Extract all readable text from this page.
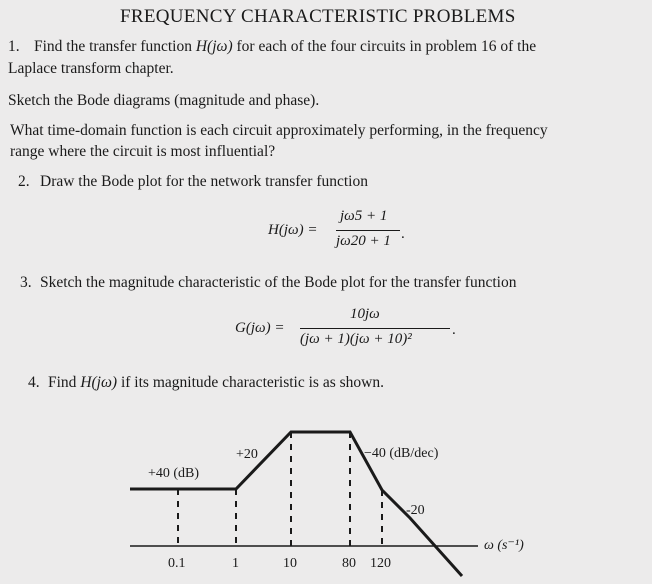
FREQUENCY CHARACTERISTIC PROBLEMS
1. Find the transfer function H(jω) for each of the four circuits in problem 16 of the
Laplace transform chapter.
Sketch the Bode diagrams (magnitude and phase).
What time-domain function is each circuit approximately performing, in the frequency
range where the circuit is most influential?
2. Draw the Bode plot for the network transfer function
H(jω) =
jω5 + 1
jω20 + 1 .
3. Sketch the magnitude characteristic of the Bode plot for the transfer function
G(jω) =
10jω
(jω + 1)(jω + 10)²
.
4. Find H(jω) if its magnitude characteristic is as shown.
0.1	1	10	80 120
+40 (dB)
+20	−40 (dB/dec)
-20
ω (s⁻¹)
